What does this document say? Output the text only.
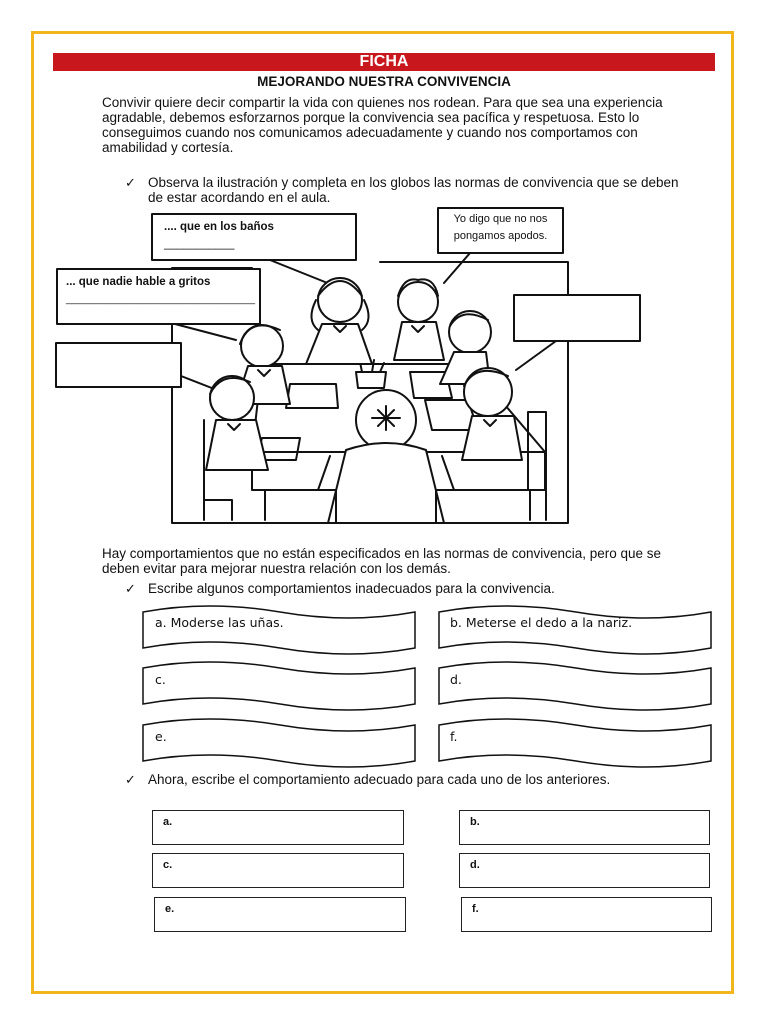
FICHA
MEJORANDO NUESTRA CONVIVENCIA
Convivir quiere decir compartir la vida con quienes nos rodean. Para que sea una experiencia
agradable, debemos esforzarnos porque la convivencia sea pacífica y respetuosa. Esto lo
conseguimos cuando nos comunicamos adecuadamente y cuando nos comportamos con
amabilidad y cortesía.
✓ Observa la ilustración y completa en los globos las normas de convivencia que se deben
de estar acordando en el aula.
.... que en los baños
___________
... que nadie hable a gritos
__________________________________
Yo digo que no nos
pongamos apodos.
Hay comportamientos que no están especificados en las normas de convivencia, pero que se
deben evitar para mejorar nuestra relación con los demás.
✓ Escribe algunos comportamientos inadecuados para la convivencia.
a. Moderse las uñas.	b. Meterse el dedo a la nariz.
c.	d.
e.	f.
✓ Ahora, escribe el comportamiento adecuado para cada uno de los anteriores.
a.	b.
c.	d.
e.	f.
